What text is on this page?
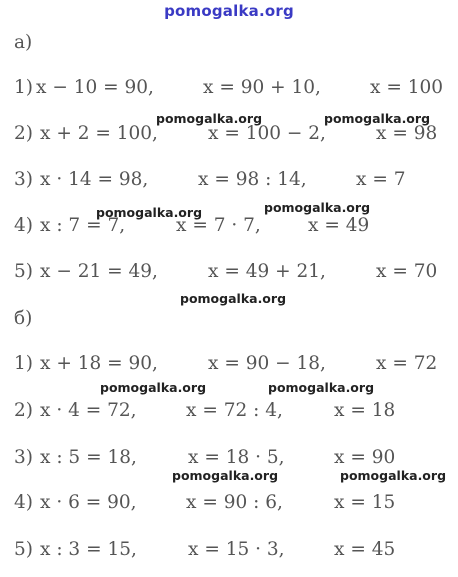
pomogalka.org
а)
1) x − 10 = 90,	x = 90 + 10,	x = 100
2) x + 2 = 100,	x = 100 − 2,	x = 98
3) x · 14 = 98,	x = 98 : 14,	x = 7
4) x : 7 = 7,	x = 7 · 7,	x = 49
5) x − 21 = 49,	x = 49 + 21,	x = 70
б)
1) x + 18 = 90,	x = 90 − 18,	x = 72
2) x · 4 = 72,	x = 72 : 4,	x = 18
3) x : 5 = 18,	x = 18 · 5,	x = 90
4) x · 6 = 90,	x = 90 : 6,	x = 15
5) x : 3 = 15,	x = 15 · 3,	x = 45
pomogalka.org	pomogalka.org
pomogalka.org	pomogalka.org
pomogalka.org
pomogalka.org	pomogalka.org
pomogalka.org	pomogalka.org
